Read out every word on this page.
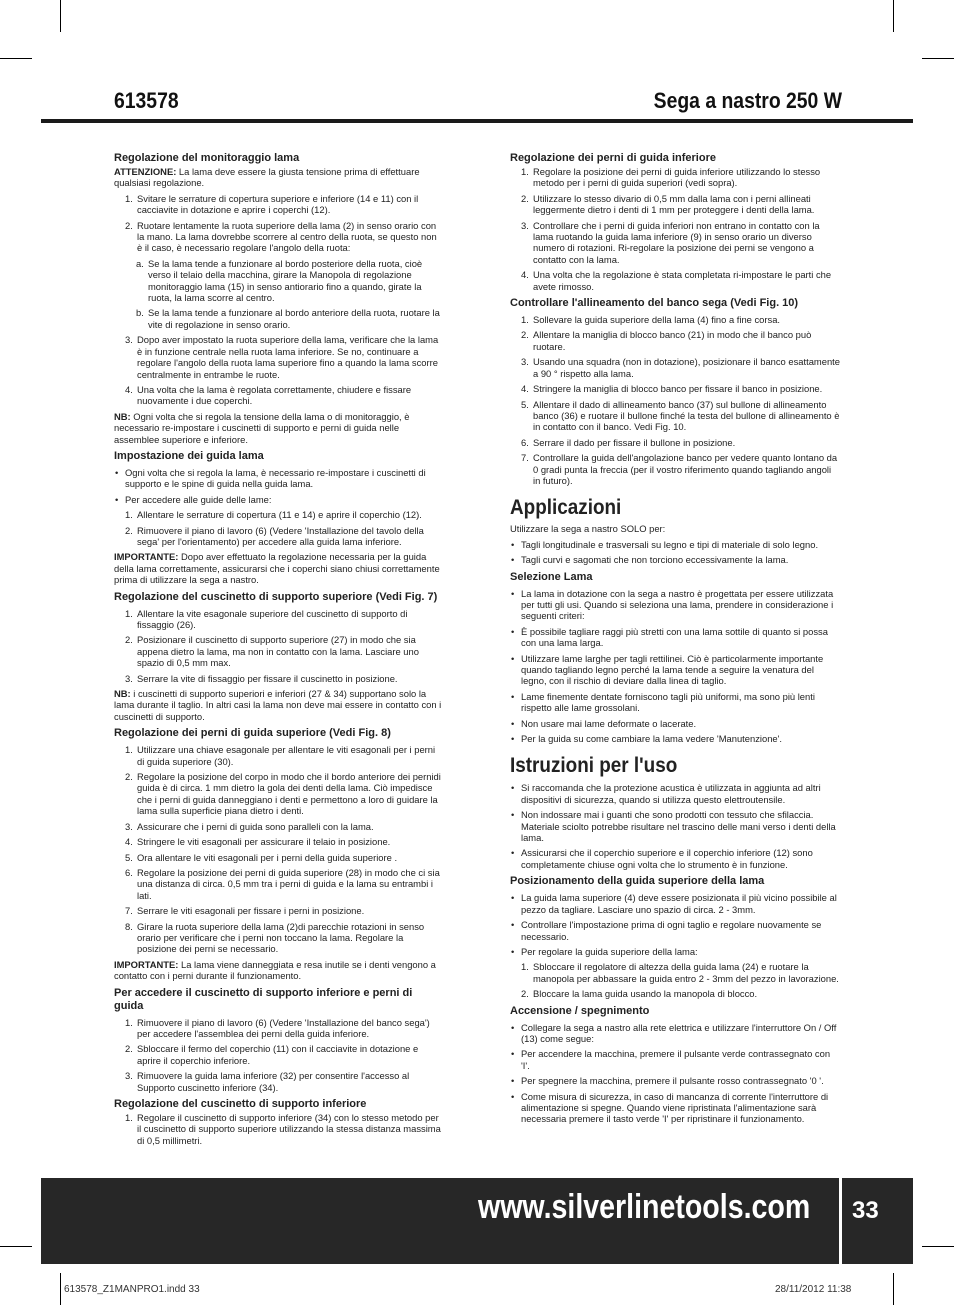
613578	Sega a nastro 250 W
Regolazione del monitoraggio lama

ATTENZIONE: La lama deve essere la giusta tensione prima di effettuare qualsiasi regolazione.

1. Svitare le serrature di copertura superiore e inferiore (14 e 11) con il cacciavite in dotazione e aprire i coperchi (12).
2. Ruotare lentamente la ruota superiore della lama (2) in senso orario con la mano. La lama dovrebbe scorrere al centro della ruota, se questo non è il caso, è necessario regolare l'angolo della ruota:
a. Se la lama tende a funzionare al bordo posteriore della ruota, cioè verso il telaio della macchina, girare la Manopola di regolazione monitoraggio lama (15) in senso antiorario fino a quando, girate la ruota, la lama scorre al centro.
b. Se la lama tende a funzionare al bordo anteriore della ruota, ruotare la vite di regolazione in senso orario.
3. Dopo aver impostato la ruota superiore della lama, verificare che la lama è in funzione centrale nella ruota lama inferiore. Se no, continuare a regolare l'angolo della ruota lama superiore fino a quando la lama scorre centralmente in entrambe le ruote.
4. Una volta che la lama è regolata correttamente, chiudere e fissare nuovamente i due coperchi.

NB: Ogni volta che si regola la tensione della lama o di monitoraggio, è necessario re-impostare i cuscinetti di supporto e perni di guida nelle assemblee superiore e inferiore.

Impostazione dei guida lama
• Ogni volta che si regola la lama, è necessario re-impostare i cuscinetti di supporto e le spine di guida nella guida lama.
• Per accedere alle guide delle lame:
1. Allentare le serrature di copertura (11 e 14) e aprire il coperchio (12).
2. Rimuovere il piano di lavoro (6) (Vedere 'Installazione del tavolo della sega' per l'orientamento) per accedere alla guida lama inferiore.

IMPORTANTE: Dopo aver effettuato la regolazione necessaria per la guida della lama correttamente, assicurarsi che i coperchi siano chiusi correttamente prima di utilizzare la sega a nastro.

Regolazione del cuscinetto di supporto superiore (Vedi Fig. 7)
1. Allentare la vite esagonale superiore del cuscinetto di supporto di fissaggio (26).
2. Posizionare il cuscinetto di supporto superiore (27) in modo che sia appena dietro la lama, ma non in contatto con la lama. Lasciare uno spazio di 0,5 mm max.
3. Serrare la vite di fissaggio per fissare il cuscinetto in posizione.

NB: i cuscinetti di supporto superiori e inferiori (27 & 34) supportano solo la lama durante il taglio. In altri casi la lama non deve mai essere in contatto con i cuscinetti di supporto.

Regolazione dei perni di guida superiore (Vedi Fig. 8)
1. Utilizzare una chiave esagonale per allentare le viti esagonali per i perni di guida superiore (30).
2. Regolare la posizione del corpo in modo che il bordo anteriore dei pernidi guida è di circa. 1 mm dietro la gola dei denti della lama. Ciò impedisce che i perni di guida danneggiano i denti e permettono a loro di guidare la lama sulla superficie piana dietro i denti.
3. Assicurare che i perni di guida sono paralleli con la lama.
4. Stringere le viti esagonali per assicurare il telaio in posizione.
5. Ora allentare le viti esagonali per i perni della guida superiore .
6. Regolare la posizione dei perni di guida superiore (28) in modo che ci sia una distanza di circa. 0,5 mm tra i perni di guida e la lama su entrambi i lati.
7. Serrare le viti esagonali per fissare i perni in posizione.
8. Girare la ruota superiore della lama (2)di parecchie rotazioni in senso orario per verificare che i perni non toccano la lama. Regolare la posizione dei perni se necessario.

IMPORTANTE: La lama viene danneggiata e resa inutile se i denti vengono a contatto con i perni durante il funzionamento.

Per accedere il cuscinetto di supporto inferiore e perni di guida
1. Rimuovere il piano di lavoro (6) (Vedere 'Installazione del banco sega') per accedere l'assemblea dei perni della guida inferiore.
2. Sbloccare il fermo del coperchio (11) con il cacciavite in dotazione e aprire il coperchio inferiore.
3. Rimuovere la guida lama inferiore (32) per consentire l'accesso al Supporto cuscinetto inferiore (34).
Regolazione del cuscinetto di supporto inferiore
1. Regolare il cuscinetto di supporto inferiore (34) con lo stesso metodo per il cuscinetto di supporto superiore utilizzando la stessa distanza massima di 0,5 millimetri.
Regolazione dei perni di guida inferiore
1. Regolare la posizione dei perni di guida inferiore utilizzando lo stesso metodo per i perni di guida superiori (vedi sopra).
2. Utilizzare lo stesso divario di 0,5 mm dalla lama con i perni allineati leggermente dietro i denti di 1 mm per proteggere i denti della lama.
3. Controllare che i perni di guida inferiori non entrano in contatto con la lama ruotando la guida lama inferiore (9) in senso orario un diverso numero di rotazioni. Ri-regolare la posizione dei perni se vengono a contatto con la lama.
4. Una volta che la regolazione è stata completata ri-impostare le parti che avete rimosso.
Controllare l'allineamento del banco sega (Vedi Fig. 10)
1. Sollevare la guida superiore della lama (4) fino a fine corsa.
2. Allentare la maniglia di blocco banco (21) in modo che il banco può ruotare.
3. Usando una squadra (non in dotazione), posizionare il banco esattamente a 90 ° rispetto alla lama.
4. Stringere la maniglia di blocco banco per fissare il banco in posizione.
5. Allentare il dado di allineamento banco (37) sul bullone di allineamento banco (36) e ruotare il bullone finché la testa del bullone di allineamento è in contatto con il banco. Vedi Fig. 10.
6. Serrare il dado per fissare il bullone in posizione.
7. Controllare la guida dell'angolazione banco per vedere quanto lontano da 0 gradi punta la freccia (per il vostro riferimento quando tagliando angoli in futuro).
Applicazioni

Utilizzare la sega a nastro SOLO per:

• Tagli longitudinale e trasversali su legno e tipi di materiale di solo legno.
• Tagli curvi e sagomati che non torciono eccessivamente la lama.
Selezione Lama
• La lama in dotazione con la sega a nastro è progettata per essere utilizzata per tutti gli usi. Quando si seleziona una lama, prendere in considerazione i seguenti criteri:
• È possibile tagliare raggi più stretti con una lama sottile di quanto si possa con una lama larga.
• Utilizzare lame larghe per tagli rettilinei. Ciò è particolarmente importante quando tagliando legno perché la lama tende a seguire la venatura del legno, con il rischio di deviare dalla linea di taglio.
• Lame finemente dentate forniscono tagli più uniformi, ma sono più lenti rispetto alle lame grossolani.
• Non usare mai lame deformate o lacerate.
• Per la guida su come cambiare la lama vedere 'Manutenzione'.
Istruzioni per l'uso
• Si raccomanda che la protezione acustica è utilizzata in aggiunta ad altri dispositivi di sicurezza, quando si utilizza questo elettroutensile.
• Non indossare mai i guanti che sono prodotti con tessuto che sfilaccia. Materiale sciolto potrebbe risultare nel trascino delle mani verso i denti della lama.
• Assicurarsi che il coperchio superiore e il coperchio inferiore (12) sono completamente chiuse ogni volta che lo strumento è in funzione.
Posizionamento della guida superiore della lama
• La guida lama superiore (4) deve essere posizionata il più vicino possibile al pezzo da tagliare. Lasciare uno spazio di circa. 2 - 3mm.
• Controllare l'impostazione prima di ogni taglio e regolare nuovamente se necessario.
• Per regolare la guida superiore della lama:
1. Sbloccare il regolatore di altezza della guida lama (24) e ruotare la manopola per abbassare la guida entro 2 - 3mm del pezzo in lavorazione.
2. Bloccare la lama guida usando la manopola di blocco.
Accensione / spegnimento
• Collegare la sega a nastro alla rete elettrica e utilizzare l'interruttore On / Off (13) come segue:
• Per accendere la macchina, premere il pulsante verde contrassegnato con 'I'.
• Per spegnere la macchina, premere il pulsante rosso contrassegnato '0 '.
• Come misura di sicurezza, in caso di mancanza di corrente l'interruttore di alimentazione si spegne. Quando viene ripristinata l'alimentazione sarà necessaria premere il tasto verde 'I' per ripristinare il funzionamento.
www.silverlinetools.com 33
613578_Z1MANPRO1.indd 33	28/11/2012 11:38
